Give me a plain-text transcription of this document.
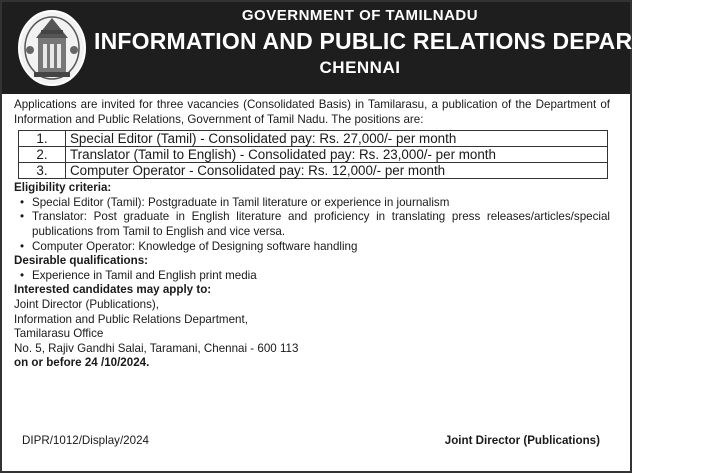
GOVERNMENT OF TAMILNADU
INFORMATION AND PUBLIC RELATIONS DEPARTMENT
CHENNAI

Applications are invited for three vacancies (Consolidated Basis) in Tamilarasu, a publication of the Department of Information and Public Relations, Government of Tamil Nadu. The positions are:

1.	Special Editor (Tamil) - Consolidated pay: Rs. 27,000/- per month
2.	Translator (Tamil to English) - Consolidated pay: Rs. 23,000/- per month
3.	Computer Operator - Consolidated pay: Rs. 12,000/- per month

Eligibility criteria:

• Special Editor (Tamil): Postgraduate in Tamil literature or experience in journalism
• Translator: Post graduate in English literature and proficiency in translating press releases/articles/special publications from Tamil to English and vice versa.
• Computer Operator: Knowledge of Designing software handling

Desirable qualifications:

• Experience in Tamil and English print media

Interested candidates may apply to:

Joint Director (Publications),

Information and Public Relations Department,

Tamilarasu Office

No. 5, Rajiv Gandhi Salai, Taramani, Chennai - 600 113

on or before 24 /10/2024.

DIPR/1012/Display/2024	Joint Director (Publications)
